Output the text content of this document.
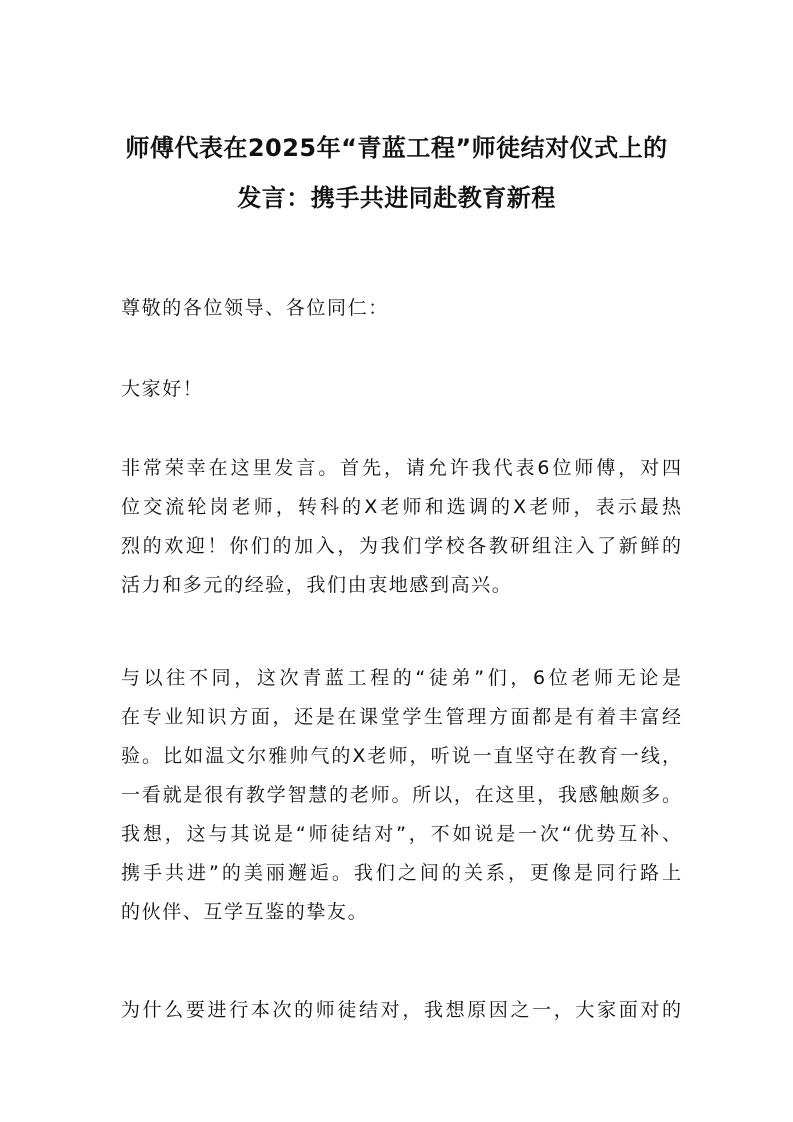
师傅代表在2025年“青蓝工程”师徒结对仪式上的
发言：携手共进同赴教育新程
尊敬的各位领导、各位同仁：
大家好！
非常荣幸在这里发言。首先，请允许我代表6位师傅，对四
位交流轮岗老师，转科的X老师和选调的X老师，表示最热
烈的欢迎！你们的加入，为我们学校各教研组注入了新鲜的
活力和多元的经验，我们由衷地感到高兴。
与以往不同，这次青蓝工程的“徒弟”们，6位老师无论是
在专业知识方面，还是在课堂学生管理方面都是有着丰富经
验。比如温文尔雅帅气的X老师，听说一直坚守在教育一线，
一看就是很有教学智慧的老师。所以，在这里，我感触颇多。
我想，这与其说是“师徒结对”，不如说是一次“优势互补、
携手共进”的美丽邂逅。我们之间的关系，更像是同行路上
的伙伴、互学互鉴的挚友。
为什么要进行本次的师徒结对，我想原因之一，大家面对的
